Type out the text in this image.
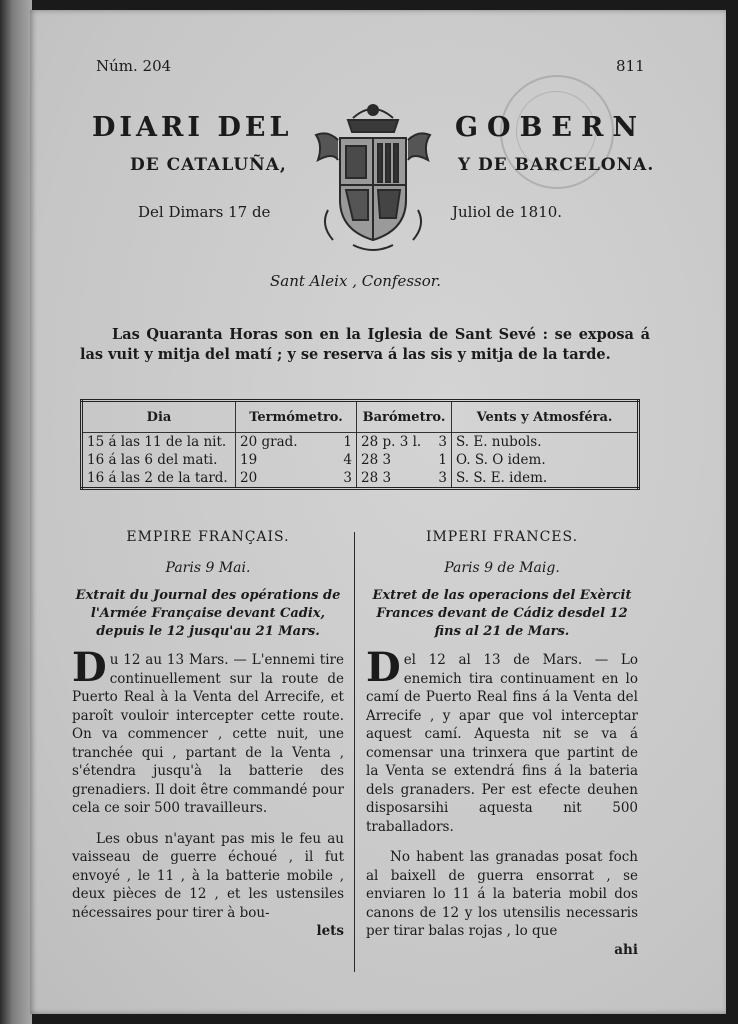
Núm. 204	811
DIARI DEL	GOBERN
DE CATALUÑA,	Y DE BARCELONA.
Del Dimars 17 de	Juliol de 1810.
Sant Aleix , Confessor.

Las Quaranta Horas son en la Iglesia de Sant Sevé : se exposa á las vuit y mitja del matí ; y se reserva á las sis y mitja de la tarde.

Dia	Termómetro.	Barómetro.	Vents y Atmosféra.
15 á las 11 de la nit.	20 grad. 1	28 p. 3 l. 3	S. E. nubols.
16 á las 6 del mati.	19 4	28 3 1	O. S. O idem.
16 á las 2 de la tard.	20 3	28 3 3	S. S. E. idem.

EMPIRE FRANÇAIS.

Paris 9 Mai.

Extrait du Journal des opérations de l'Armée Française devant Cadix, depuis le 12 jusqu'au 21 Mars.

Du 12 au 13 Mars. — L'ennemi tire continuellement sur la route de Puerto Real à la Venta del Arrecife, et paroît vouloir intercepter cette route. On va commencer , cette nuit, une tranchée qui , partant de la Venta , s'étendra jusqu'à la batterie des grenadiers. Il doit être commandé pour cela ce soir 500 travailleurs.

Les obus n'ayant pas mis le feu au vaisseau de guerre échoué , il fut envoyé , le 11 , à la batterie mobile , deux pièces de 12 , et les ustensiles nécessaires pour tirer à bou-

lets

IMPERI FRANCES.

Paris 9 de Maig.

Extret de las operacions del Exèrcit Frances devant de Cádiz desdel 12 fins al 21 de Mars.

Del 12 al 13 de Mars. — Lo enemich tira continuament en lo camí de Puerto Real fins á la Venta del Arrecife , y apar que vol interceptar aquest camí. Aquesta nit se va á comensar una trinxera que partint de la Venta se extendrá fins á la bateria dels granaders. Per est efecte deuhen disposarsihi aquesta nit 500 traballadors.

No habent las granadas posat foch al baixell de guerra ensorrat , se enviaren lo 11 á la bateria mobil dos canons de 12 y los utensilis necessaris per tirar balas rojas , lo que

ahi
